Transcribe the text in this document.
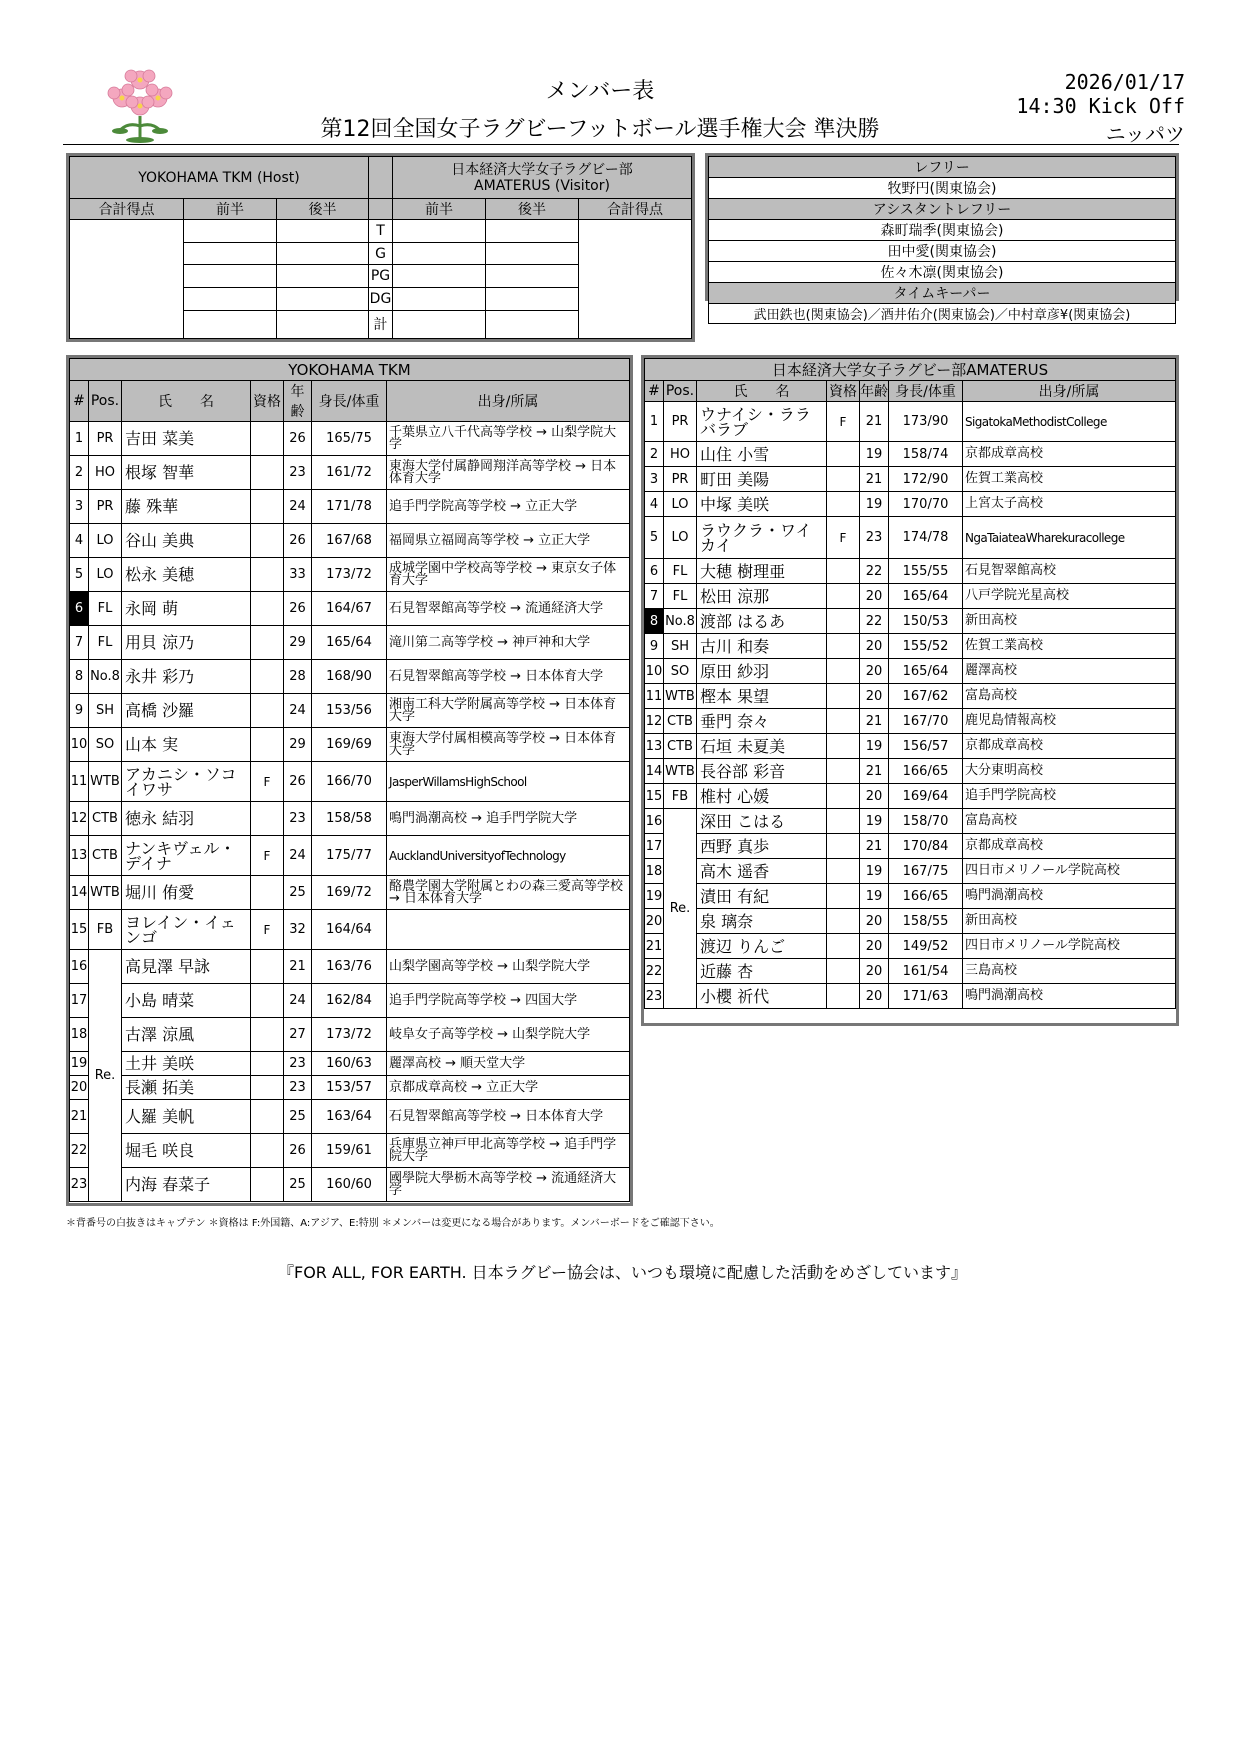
メンバー表
第12回全国女子ラグビーフットボール選手権大会 準決勝
2026/01/17
14:30 Kick Off
ニッパツ
YOKOHAMA TKM (Host)				日本経済大学女子ラグビー部
AMATERUS (Visitor)		

合計得点	前半	後半		前半	後半	合計得点
			T			
			G			
			PG			
			DG			
			計			
レフリー
牧野円(関東協会)
アシスタントレフリー
森町瑞季(関東協会)
田中愛(関東協会)
佐々木凛(関東協会)
タイムキーパー
武田鉄也(関東協会)／酒井佑介(関東協会)／中村章彦¥(関東協会)
YOKOHAMA TKM						
#	Pos.	氏　　名	資格	年齢	身長/体重	出身/所属
1	PR	吉田 菜美		26	165/75	千葉県立八千代高等学校 → 山梨学院大学
2	HO	根塚 智華		23	161/72	東海大学付属静岡翔洋高等学校 → 日本体育大学
3	PR	藤 殊華		24	171/78	追手門学院高等学校 → 立正大学
4	LO	谷山 美典		26	167/68	福岡県立福岡高等学校 → 立正大学
5	LO	松永 美穂		33	173/72	成城学園中学校高等学校 → 東京女子体育大学
6	FL	永岡 萌		26	164/67	石見智翠館高等学校 → 流通経済大学
7	FL	用貝 涼乃		29	165/64	滝川第二高等学校 → 神戸神和大学
8	No.8	永井 彩乃		28	168/90	石見智翠館高等学校 → 日本体育大学
9	SH	高橋 沙羅		24	153/56	湘南工科大学附属高等学校 → 日本体育大学
10	SO	山本 実		29	169/69	東海大学付属相模高等学校 → 日本体育大学
11	WTB	アカニシ・ソコイワサ	F	26	166/70	JasperWillamsHighSchool
12	CTB	徳永 結羽		23	158/58	鳴門渦潮高校 → 追手門学院大学
13	CTB	ナンキヴェル・デイナ	F	24	175/77	AucklandUniversityofTechnology
14	WTB	堀川 侑愛		25	169/72	酪農学園大学附属とわの森三愛高等学校 → 日本体育大学
15	FB	ヨレイン・イェンゴ	F	32	164/64	
16	Re.	高見澤 早詠		21	163/76	山梨学園高等学校 → 山梨学院大学
17		小島 晴菜		24	162/84	追手門学院高等学校 → 四国大学
18		古澤 涼風		27	173/72	岐阜女子高等学校 → 山梨学院大学
19		土井 美咲		23	160/63	麗澤高校 → 順天堂大学
20		長瀬 拓美		23	153/57	京都成章高校 → 立正大学
21		人羅 美帆		25	163/64	石見智翠館高等学校 → 日本体育大学
22		堀毛 咲良		26	159/61	兵庫県立神戸甲北高等学校 → 追手門学院大学
23		内海 春菜子		25	160/60	國學院大學栃木高等学校 → 流通経済大学
日本経済大学女子ラグビー部AMATERUS						
#	Pos.	氏　　名	資格	年齢	身長/体重	出身/所属
1	PR	ウナイシ・ララバラブ	F	21	173/90	SigatokaMethodistCollege
2	HO	山住 小雪		19	158/74	京都成章高校
3	PR	町田 美陽		21	172/90	佐賀工業高校
4	LO	中塚 美咲		19	170/70	上宮太子高校
5	LO	ラウクラ・ワイカイ	F	23	174/78	NgaTaiateaWharekuracollege
6	FL	大穂 樹理亜		22	155/55	石見智翠館高校
7	FL	松田 涼那		20	165/64	八戸学院光星高校
8	No.8	渡部 はるあ		22	150/53	新田高校
9	SH	古川 和奏		20	155/52	佐賀工業高校
10	SO	原田 紗羽		20	165/64	麗澤高校
11	WTB	樫本 果望		20	167/62	富島高校
12	CTB	垂門 奈々		21	167/70	鹿児島情報高校
13	CTB	石垣 未夏美		19	156/57	京都成章高校
14	WTB	長谷部 彩音		21	166/65	大分東明高校
15	FB	椎村 心媛		20	169/64	追手門学院高校
16	Re.	深田 こはる		19	158/70	富島高校
17		西野 真歩		21	170/84	京都成章高校
18		高木 遥香		19	167/75	四日市メリノール学院高校
19		漬田 有紀		19	166/65	鳴門渦潮高校
20		泉 璃奈		20	158/55	新田高校
21		渡辺 りんご		20	149/52	四日市メリノール学院高校
22		近藤 杏		20	161/54	三島高校
23		小櫻 祈代		20	171/63	鳴門渦潮高校
＊背番号の白抜きはキャプテン ＊資格は F:外国籍、A:アジア、E:特別 ＊メンバーは変更になる場合があります。メンバーボードをご確認下さい。
『FOR ALL, FOR EARTH. 日本ラグビー協会は、いつも環境に配慮した活動をめざしています』
